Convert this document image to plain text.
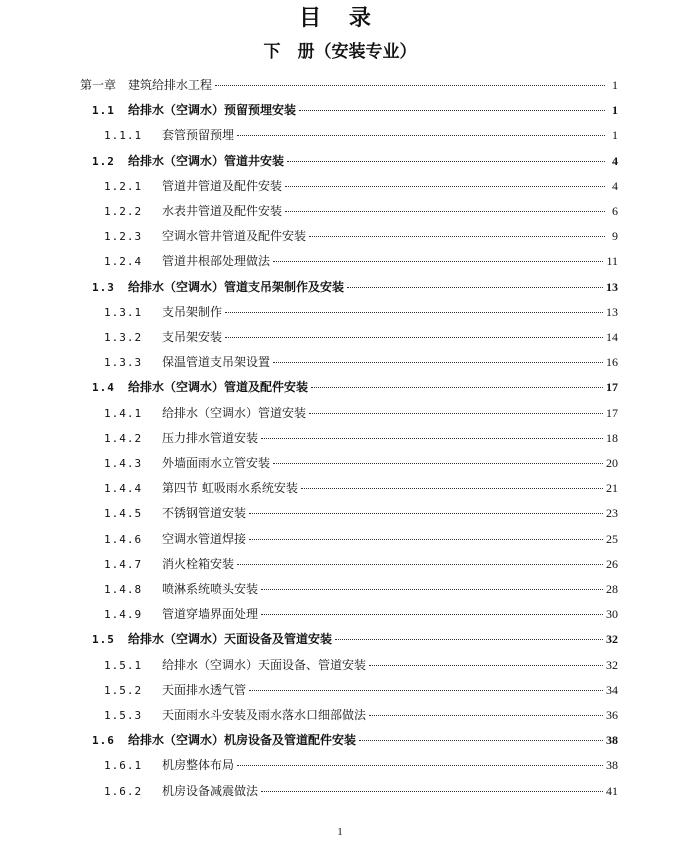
目 录
下　册（安装专业）
第一章　建筑给排水工程	1
1.1 给排水（空调水）预留预埋安装	1
1.1.1	套管预留预埋	1
1.2 给排水（空调水）管道井安装	4
1.2.1	管道井管道及配件安装	4
1.2.2	水表井管道及配件安装	6
1.2.3	空调水管井管道及配件安装	9
1.2.4	管道井根部处理做法	11
1.3 给排水（空调水）管道支吊架制作及安装	13
1.3.1	支吊架制作	13
1.3.2	支吊架安装	14
1.3.3	保温管道支吊架设置	16
1.4 给排水（空调水）管道及配件安装	17
1.4.1	给排水（空调水）管道安装	17
1.4.2	压力排水管道安装	18
1.4.3	外墙面雨水立管安装	20
1.4.4	第四节 虹吸雨水系统安装	21
1.4.5	不锈钢管道安装	23
1.4.6	空调水管道焊接	25
1.4.7	消火栓箱安装	26
1.4.8	喷淋系统喷头安装	28
1.4.9	管道穿墙界面处理	30
1.5 给排水（空调水）天面设备及管道安装	32
1.5.1	给排水（空调水）天面设备、管道安装	32
1.5.2	天面排水透气管	34
1.5.3	天面雨水斗安装及雨水落水口细部做法	36
1.6 给排水（空调水）机房设备及管道配件安装	38
1.6.1	机房整体布局	38
1.6.2	机房设备减震做法	41
1
